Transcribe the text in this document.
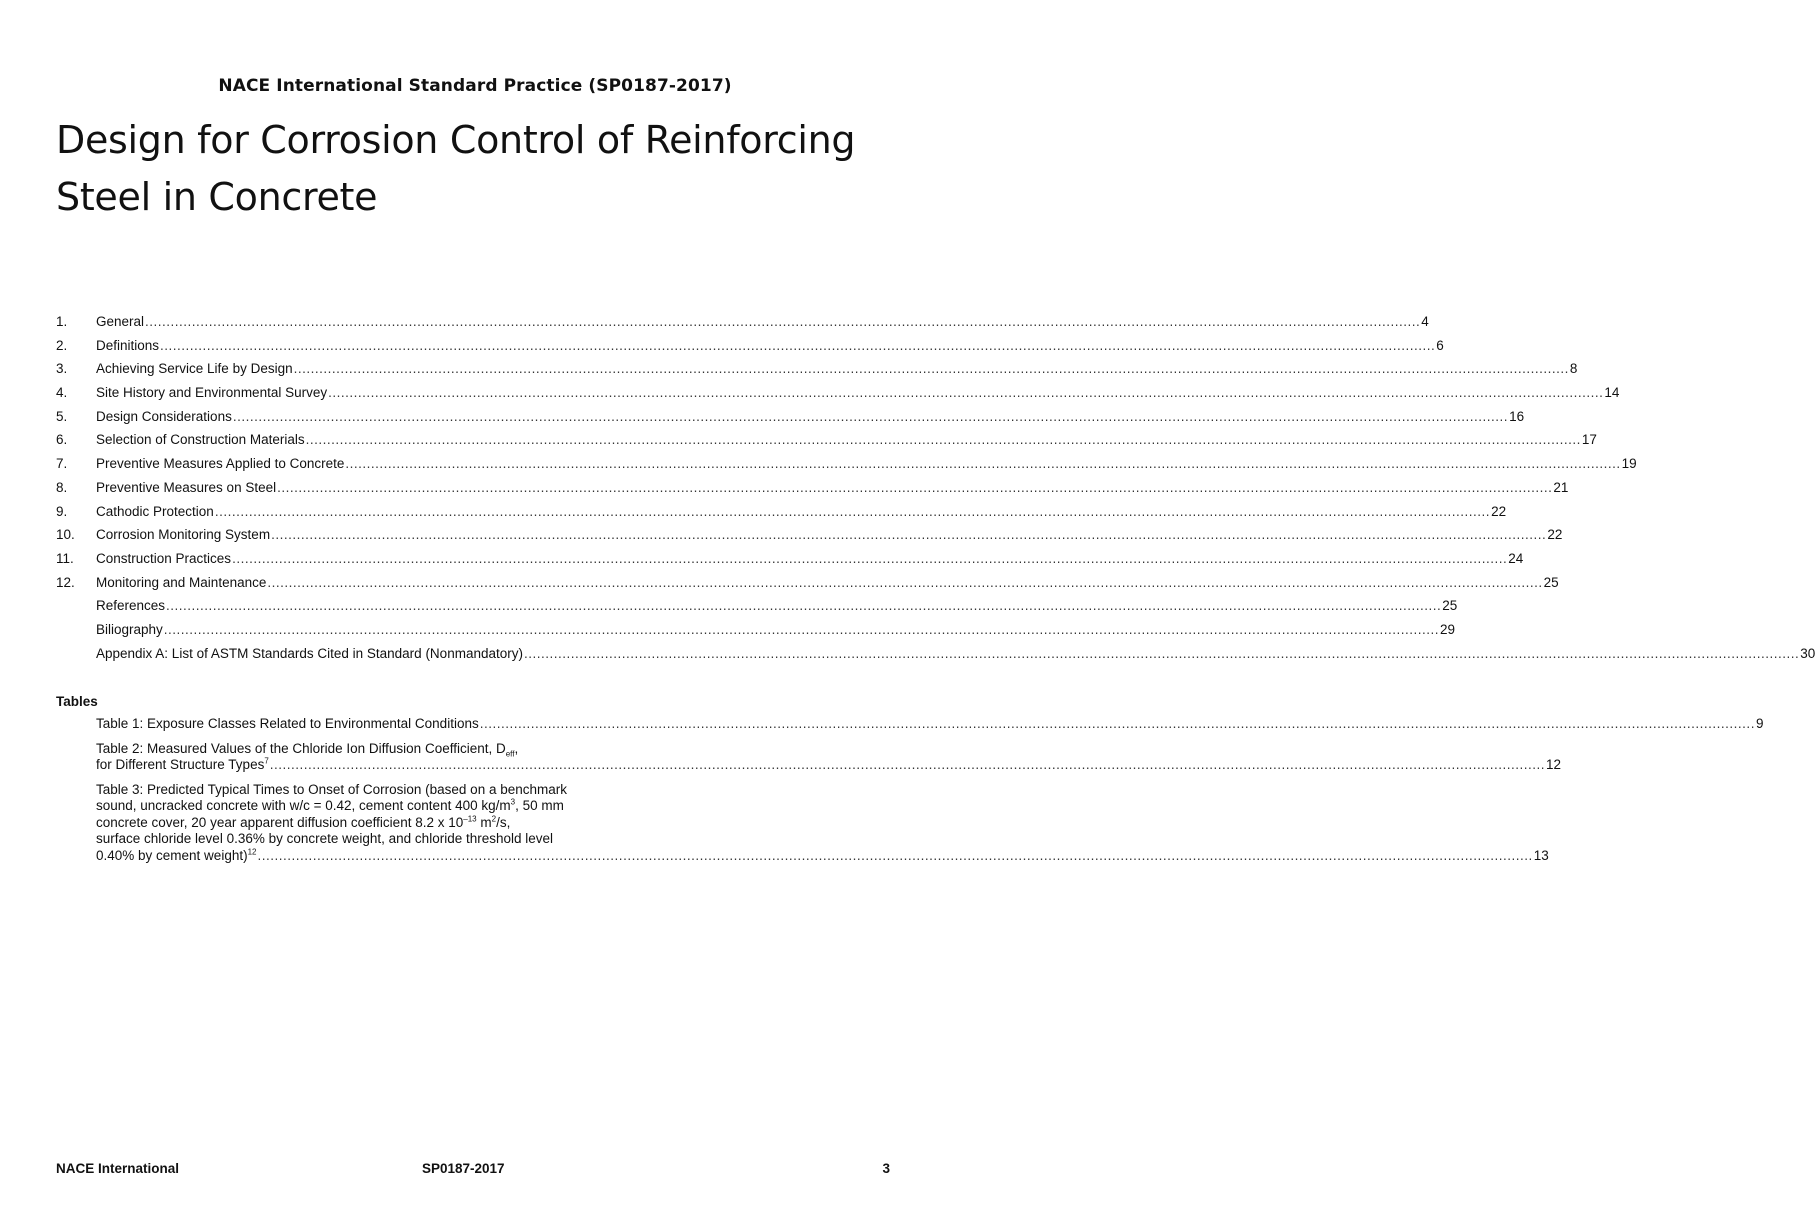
NACE International Standard Practice (SP0187-2017)
Design for Corrosion Control of Reinforcing
Steel in Concrete
1.	General ............................................................................................................................................................................................................................................................................................................ 4
2.	Definitions ............................................................................................................................................................................................................................................................................................................ 6
3.	Achieving Service Life by Design ............................................................................................................................................................................................................................................................................................................ 8
4.	Site History and Environmental Survey ............................................................................................................................................................................................................................................................................................................ 14
5.	Design Considerations ............................................................................................................................................................................................................................................................................................................ 16
6.	Selection of Construction Materials ............................................................................................................................................................................................................................................................................................................ 17
7.	Preventive Measures Applied to Concrete ............................................................................................................................................................................................................................................................................................................ 19
8.	Preventive Measures on Steel ............................................................................................................................................................................................................................................................................................................ 21
9.	Cathodic Protection ............................................................................................................................................................................................................................................................................................................ 22
10.	Corrosion Monitoring System ............................................................................................................................................................................................................................................................................................................ 22
11.	Construction Practices ............................................................................................................................................................................................................................................................................................................ 24
12.	Monitoring and Maintenance ............................................................................................................................................................................................................................................................................................................ 25
References ............................................................................................................................................................................................................................................................................................................ 25
Biliography ............................................................................................................................................................................................................................................................................................................ 29
Appendix A: List of ASTM Standards Cited in Standard (Nonmandatory) ............................................................................................................................................................................................................................................................................................................ 30
Tables
Table 1: Exposure Classes Related to Environmental Conditions ............................................................................................................................................................................................................................................................................................................ 9
Table 2: Measured Values of the Chloride Ion Diffusion Coefficient, $D_{eff}$,
for Different Structure Types$^7$ ............................................................................................................................................................................................................................................................................................................ 12
Table 3: Predicted Typical Times to Onset of Corrosion (based on a benchmark
sound, uncracked concrete with w/c = 0.42, cement content 400 $kg/m^3$, 50 mm
concrete cover, 20 year apparent diffusion coefficient 8.2 x $10^{-13}$ $m^2/s$,
surface chloride level 0.36% by concrete weight, and chloride threshold level
0.40% by cement weight)$^{12}$ ............................................................................................................................................................................................................................................................................................................ 13
NACE International	SP0187-2017	3
